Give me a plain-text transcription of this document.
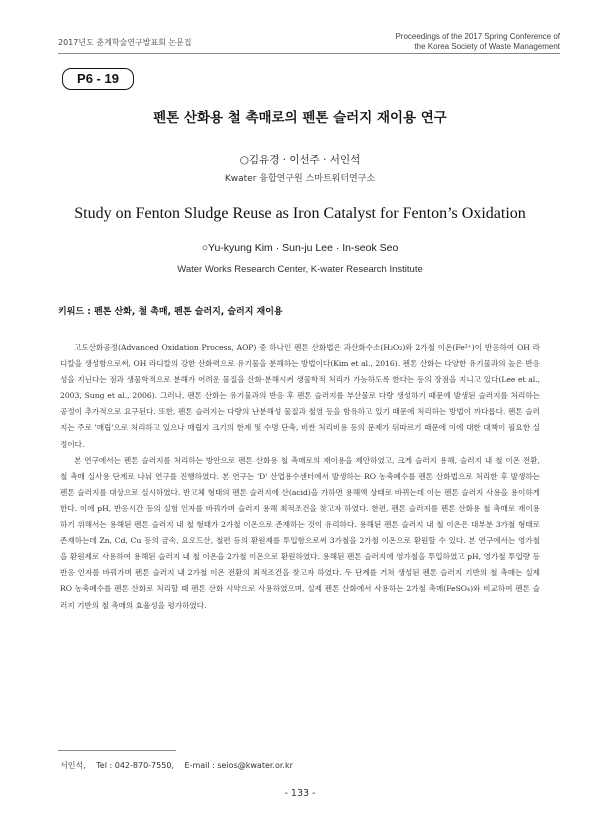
2017년도 춘계학술연구발표회 논문집
Proceedings of the 2017 Spring Conference of
the Korea Society of Waste Management
P6 - 19
펜톤 산화용 철 촉매로의 펜톤 슬러지 재이용 연구
○김유경 · 이선주 · 서인석
Kwater 융합연구원 스마트워터연구소
Study on Fenton Sludge Reuse as Iron Catalyst for Fenton’s Oxidation
○Yu-kyung Kim · Sun-ju Lee · In-seok Seo
Water Works Research Center, K-water Research Institute
키워드 : 펜톤 산화, 철 촉매, 펜톤 슬러지, 슬러지 재이용

고도산화공정(Advanced Oxidation Process, AOP) 중 하나인 펜톤 산화법은 과산화수소(H₂O₂)와 2가철 이온(Fe²⁺)이 반응하여 OH 라디칼을 생성함으로써, OH 라디칼의 강한 산화력으로 유기물을 분해하는 방법이다(Kim et al., 2016). 펜톤 산화는 다양한 유기물과의 높은 반응성을 지닌다는 점과 생물학적으로 분해가 어려운 물질을 산화·분해시켜 생물학적 처리가 가능하도록 한다는 등의 장점을 지니고 있다(Lee et al., 2003, Sung et al., 2006). 그러나, 펜톤 산화는 유기물과의 반응 후 펜톤 슬러지를 부산물로 다량 생성하기 때문에 발생된 슬러지를 처리하는 공정이 추가적으로 요구된다. 또한, 펜톤 슬러지는 다량의 난분해성 물질과 철염 등을 함유하고 있기 때문에 처리하는 방법이 까다롭다. 펜톤 슬러지는 주로 '매립'으로 처리하고 있으나 매립지 크기의 한계 및 수명 단축, 비싼 처리비용 등의 문제가 뒤따르기 때문에 이에 대한 대책이 필요한 실정이다.

본 연구에서는 펜톤 슬러지를 처리하는 방안으로 펜톤 산화용 철 촉매로의 재이용을 제안하였고, 크게 슬러지 용해, 슬러지 내 철 이온 전환, 철 촉매 실사용 단계로 나눠 연구를 진행하였다. 본 연구는 'D' 산업용수센터에서 발생하는 RO 농축폐수를 펜톤 산화법으로 처리한 후 발생하는 펜톤 슬러지를 대상으로 실시하였다. 반고체 형태의 펜톤 슬러지에 산(acid)을 가하면 용해액 상태로 바뀌는데 이는 펜톤 슬러지 사용을 용이하게 한다. 이에 pH, 반응시간 등의 실험 인자를 바꿔가며 슬러지 용해 최적조건을 찾고자 하였다. 한편, 펜톤 슬러지를 펜톤 산화용 철 촉매로 재이용하기 위해서는 용해된 펜톤 슬러지 내 철 형태가 2가철 이온으로 존재하는 것이 유리하다. 용해된 펜톤 슬러지 내 철 이온은 대부분 3가철 형태로 존재하는데 Zn, Cd, Cu 등의 금속, 요오드산, 철편 등의 환원제를 투입함으로써 3가철을 2가철 이온으로 환원할 수 있다. 본 연구에서는 영가철을 환원제로 사용하여 용해된 슬러지 내 철 이온을 2가철 이온으로 환원하였다. 용해된 펜톤 슬러지에 영가철을 투입하였고 pH, 영가철 투입량 등 반응 인자를 바꿔가며 펜톤 슬러지 내 2가철 이온 전환의 최적조건을 찾고자 하였다. 두 단계를 거쳐 생성된 펜톤 슬러지 기반의 철 촉매는 실제 RO 농축폐수를 펜톤 산화로 처리할 때 펜톤 산화 시약으로 사용하였으며, 실제 펜톤 산화에서 사용하는 2가철 촉매(FeSO₄)와 비교하여 펜톤 슬러지 기반의 철 촉매의 효율성을 평가하였다.

서인석, Tel : 042-870-7550, E-mail : seios@kwater.or.kr
- 133 -
